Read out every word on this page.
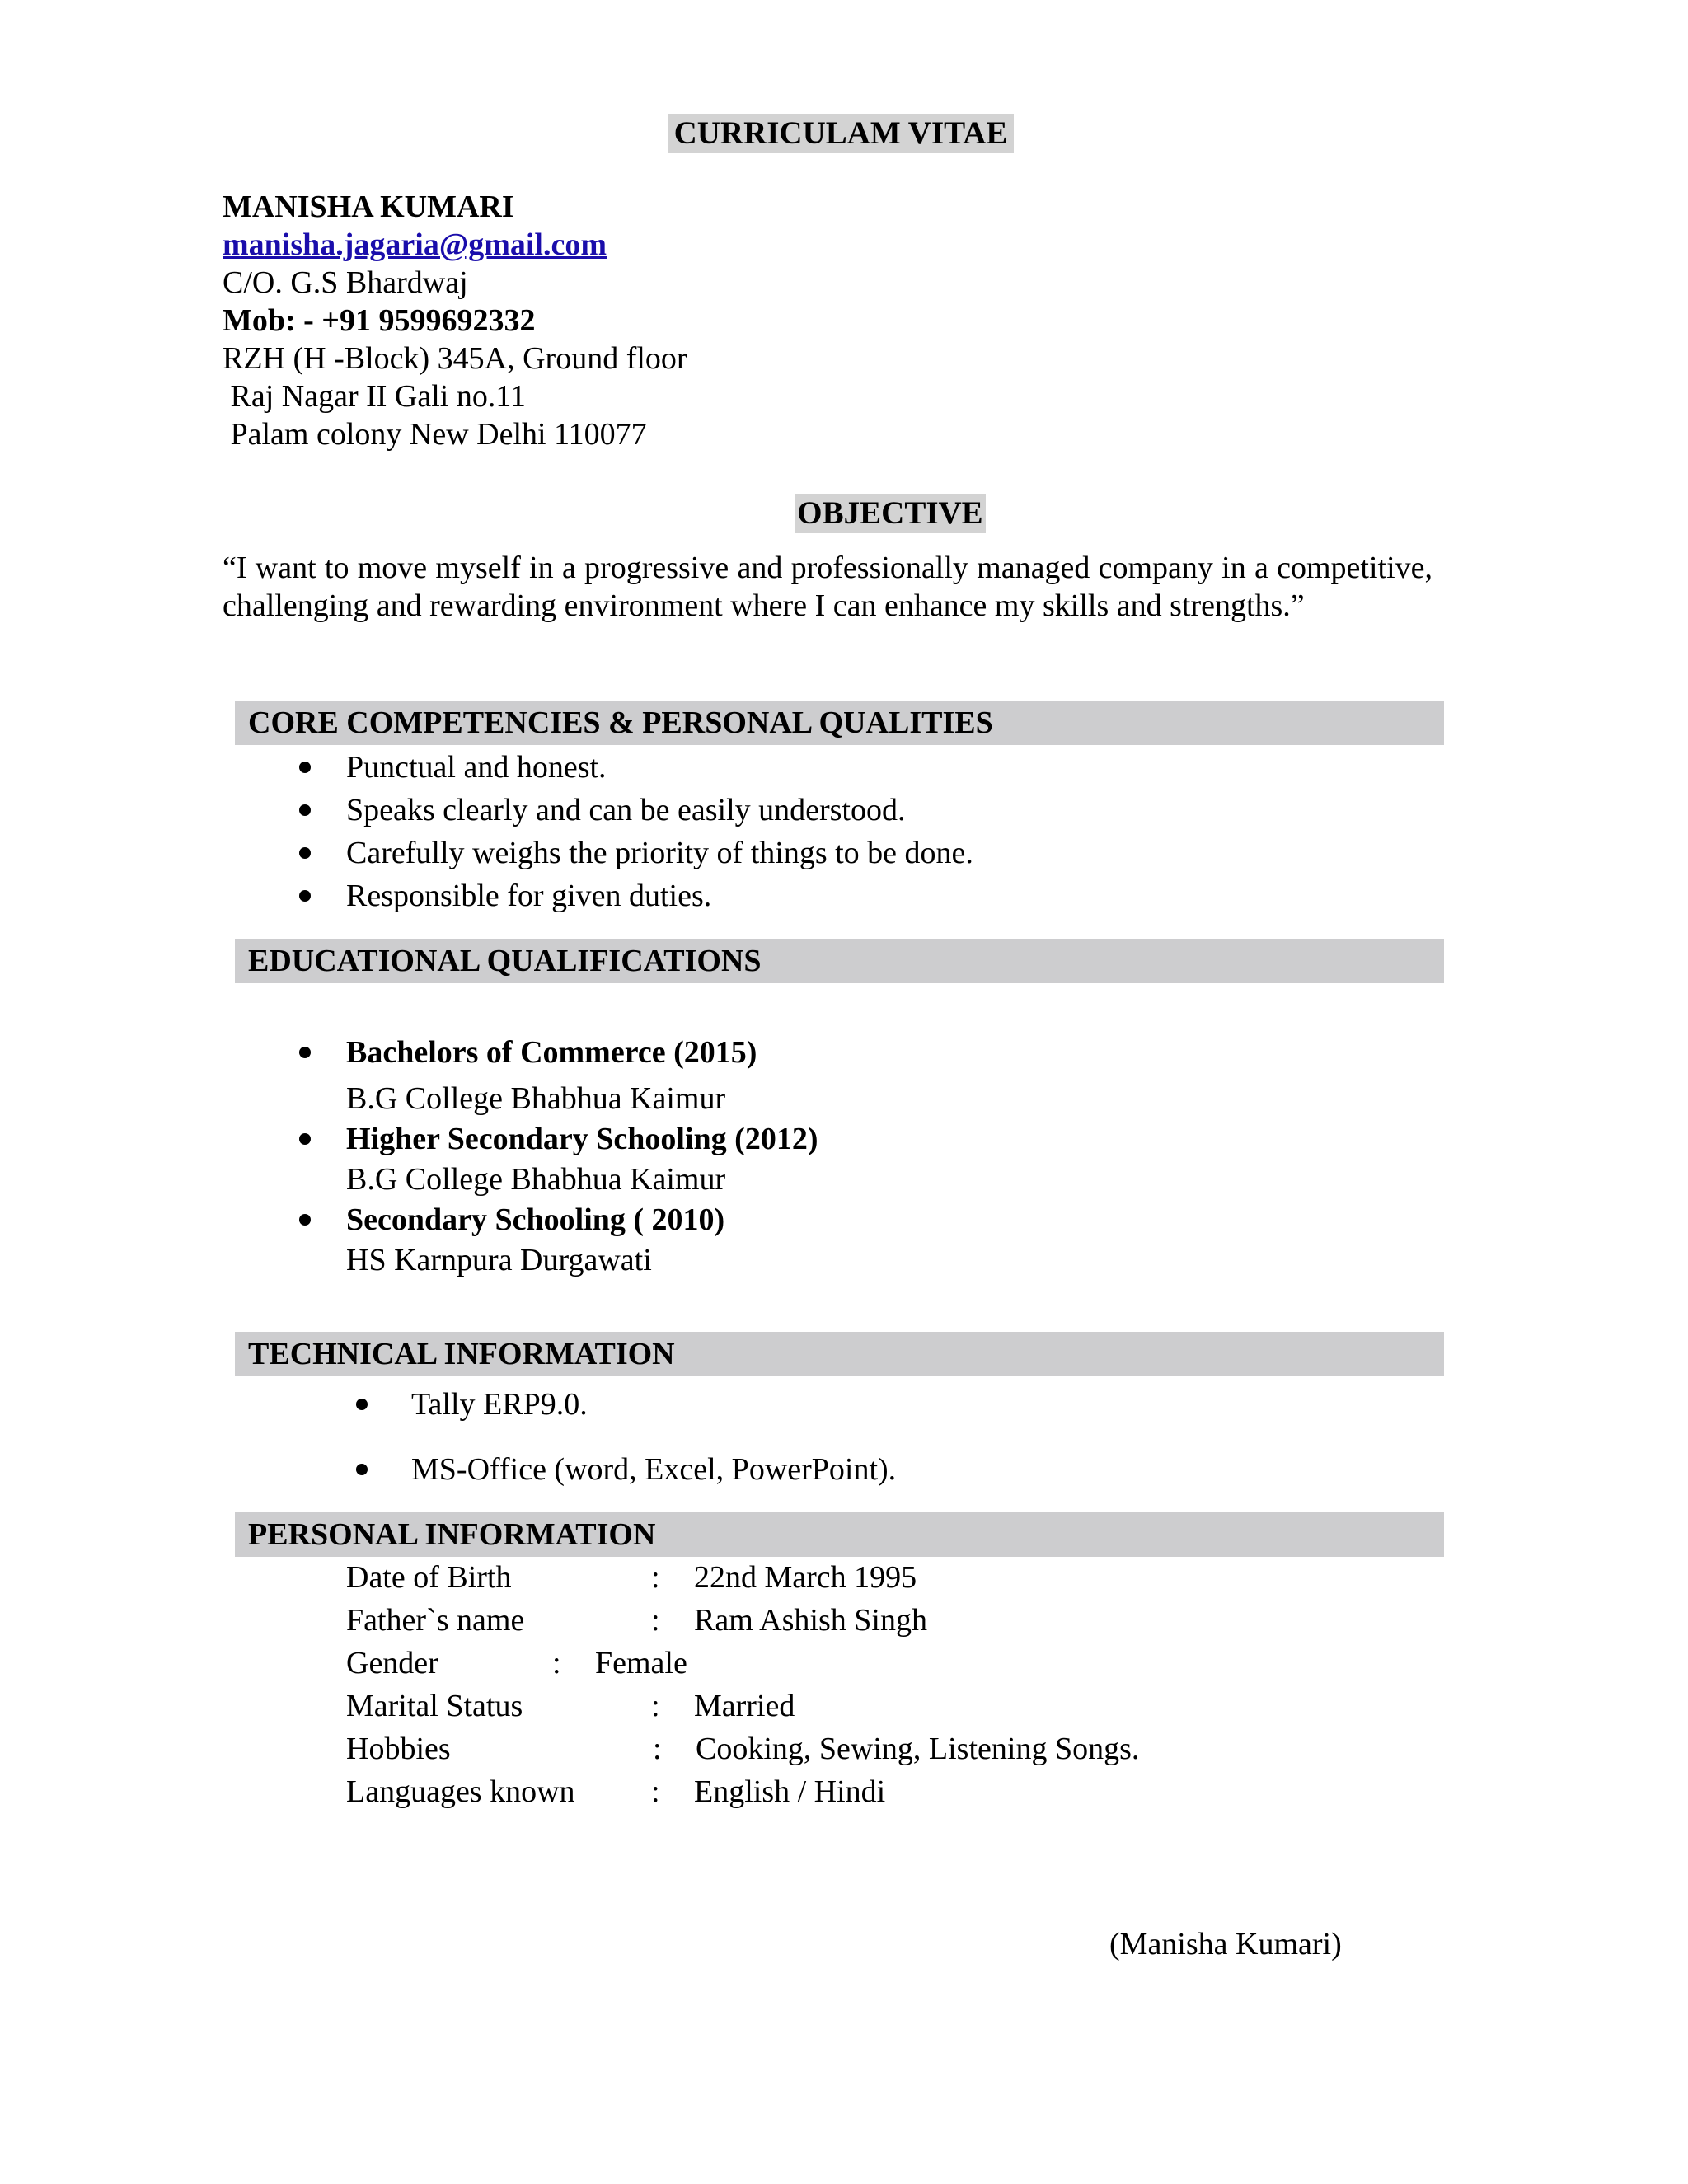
CURRICULAM VITAE
MANISHA KUMARI
manisha.jagaria@gmail.com
C/O. G.S Bhardwaj
Mob: - +91 9599692332
RZH (H -Block) 345A, Ground floor
Raj Nagar II Gali no.11
Palam colony New Delhi 110077
OBJECTIVE
“I want to move myself in a progressive and professionally managed company in a competitive, challenging and rewarding environment where I can enhance my skills and strengths.”
CORE COMPETENCIES & PERSONAL QUALITIES
Punctual and honest.
Speaks clearly and can be easily understood.
Carefully weighs the priority of things to be done.
Responsible for given duties.
EDUCATIONAL QUALIFICATIONS
Bachelors of Commerce (2015)
B.G College Bhabhua Kaimur
Higher Secondary Schooling (2012)
B.G College Bhabhua Kaimur
Secondary Schooling ( 2010)
HS Karnpura Durgawati
TECHNICAL INFORMATION
Tally ERP9.0.
MS-Office (word, Excel, PowerPoint).
PERSONAL INFORMATION
Date of Birth	: 22nd March 1995
Father`s name	: Ram Ashish Singh
Gender	: Female
Marital Status	: Married
Hobbies	: Cooking, Sewing, Listening Songs.
Languages known : English / Hindi
(Manisha Kumari)
